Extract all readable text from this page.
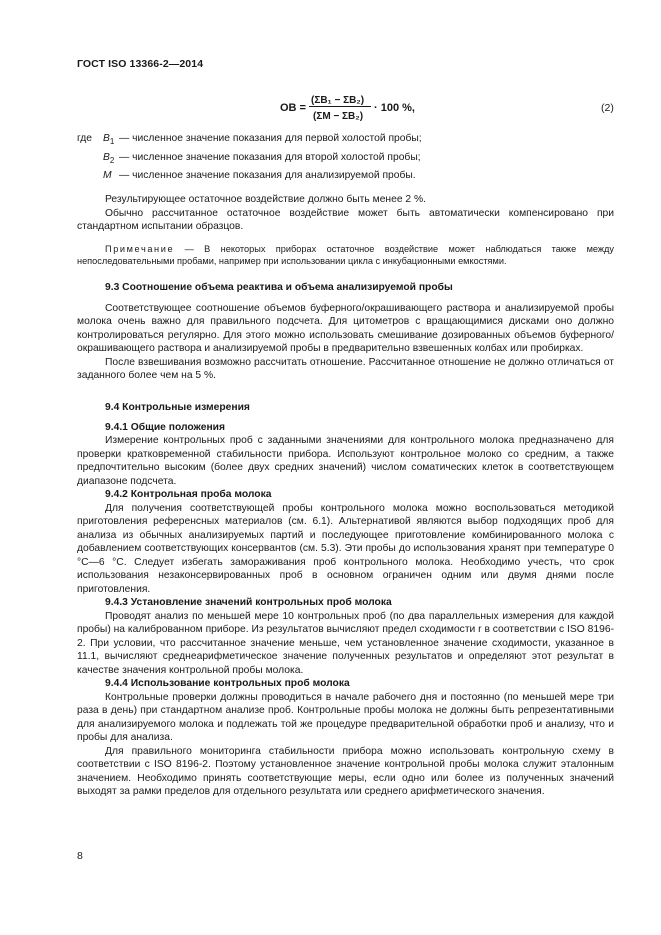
ГОСТ ISO 13366-2—2014
OB =
(ΣB₁ − ΣB₂)
(ΣM − ΣB₂)
· 100 %,	(2)
где $B_1$ — численное значение показания для первой холостой пробы;
$B_2$ — численное значение показания для второй холостой пробы;
M — численное значение показания для анализируемой пробы.

Результирующее остаточное воздействие должно быть менее 2 %.

Обычно рассчитанное остаточное воздействие может быть автоматически компенсировано при стандартном испытании образцов.

Примечание — В некоторых приборах остаточное воздействие может наблюдаться также между непоследовательными пробами, например при использовании цикла с инкубационными емкостями.

9.3 Соотношение объема реактива и объема анализируемой пробы

Соответствующее соотношение объемов буферного/окрашивающего раствора и анализируемой пробы молока очень важно для правильного подсчета. Для цитометров с вращающимися дисками оно должно контролироваться регулярно. Для этого можно использовать смешивание дозированных объемов буферного/окрашивающего раствора и анализируемой пробы в предварительно взвешенных колбах или пробирках.

После взвешивания возможно рассчитать отношение. Рассчитанное отношение не должно отличаться от заданного более чем на 5 %.

9.4 Контрольные измерения

9.4.1 Общие положения

Измерение контрольных проб с заданными значениями для контрольного молока предназначено для проверки кратковременной стабильности прибора. Используют контрольное молоко со средним, а также предпочтительно высоким (более двух средних значений) числом соматических клеток в соответствующем диапазоне подсчета.

9.4.2 Контрольная проба молока

Для получения соответствующей пробы контрольного молока можно воспользоваться методикой приготовления референсных материалов (см. 6.1). Альтернативой являются выбор подходящих проб для анализа из обычных анализируемых партий и последующее приготовление комбинированного молока с добавлением соответствующих консервантов (см. 5.3). Эти пробы до использования хранят при температуре 0 °С—6 °С. Следует избегать замораживания проб контрольного молока. Необходимо учесть, что срок использования незаконсервированных проб в основном ограничен одним или двумя днями после приготовления.

9.4.3 Установление значений контрольных проб молока

Проводят анализ по меньшей мере 10 контрольных проб (по два параллельных измерения для каждой пробы) на калиброванном приборе. Из результатов вычисляют предел сходимости r в соответствии с ISO 8196-2. При условии, что рассчитанное значение меньше, чем установленное значение сходимости, указанное в 11.1, вычисляют среднеарифметическое значение полученных результатов и определяют этот результат в качестве значения контрольной пробы молока.

9.4.4 Использование контрольных проб молока

Контрольные проверки должны проводиться в начале рабочего дня и постоянно (по меньшей мере три раза в день) при стандартном анализе проб. Контрольные пробы молока не должны быть репрезентативными для анализируемого молока и подлежать той же процедуре предварительной обработки проб и анализу, что и пробы для анализа.

Для правильного мониторинга стабильности прибора можно использовать контрольную схему в соответствии с ISO 8196-2. Поэтому установленное значение контрольной пробы молока служит эталонным значением. Необходимо принять соответствующие меры, если одно или более из полученных значений выходят за рамки пределов для отдельного результата или среднего арифметического значения.

8
